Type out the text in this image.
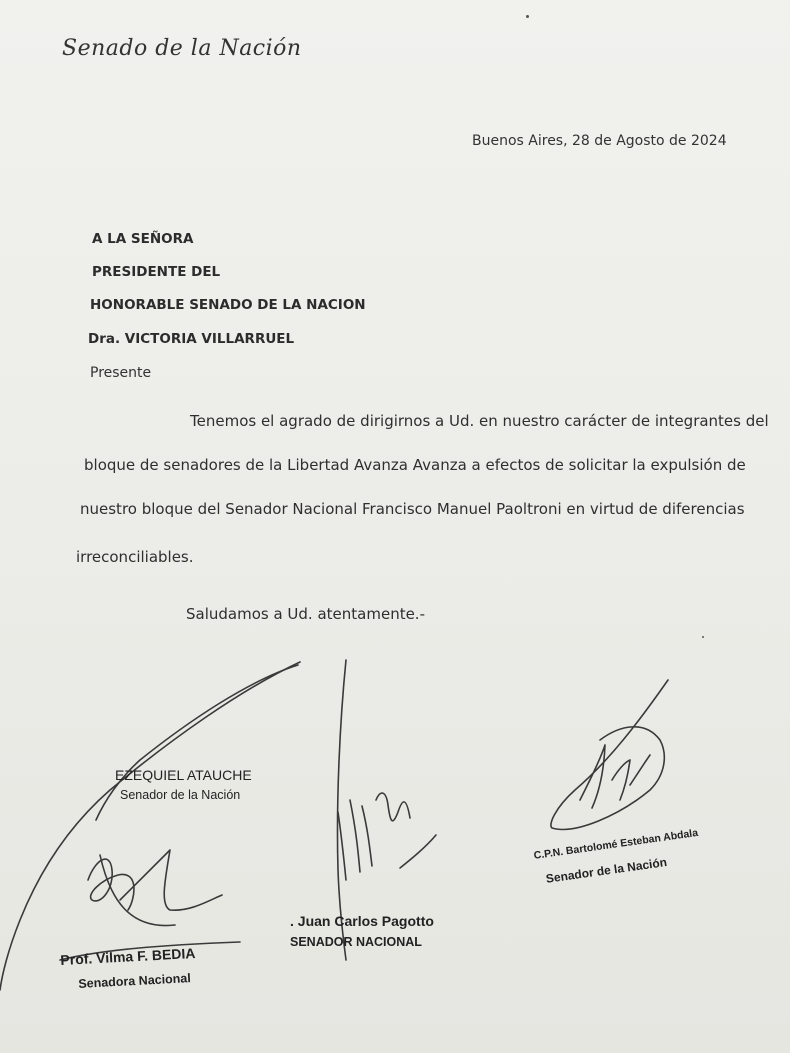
Senado de la Nación
Buenos Aires, 28 de Agosto de 2024
A LA SEÑORA
PRESIDENTE DEL
HONORABLE SENADO DE LA NACION
Dra. VICTORIA VILLARRUEL
Presente
Tenemos el agrado de dirigirnos a Ud. en nuestro carácter de integrantes del
bloque de senadores de la Libertad Avanza Avanza a efectos de solicitar la expulsión de
nuestro bloque del Senador Nacional Francisco Manuel Paoltroni en virtud de diferencias
irreconciliables.
Saludamos a Ud. atentamente.-
EZEQUIEL ATAUCHE
Senador de la Nación
Prof. Vilma F. BEDIA
Senadora Nacional
. Juan Carlos Pagotto
SENADOR NACIONAL
C.P.N. Bartolomé Esteban Abdala
Senador de la Nación
